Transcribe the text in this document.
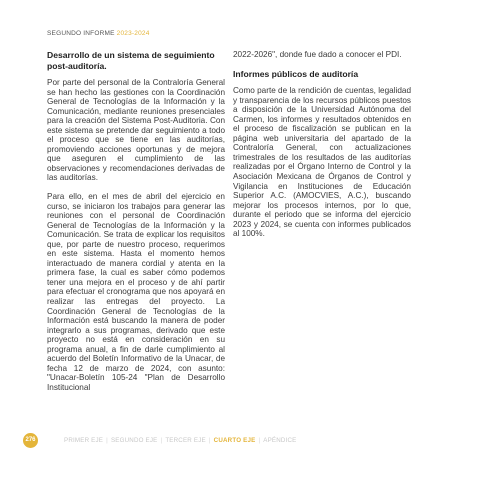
SEGUNDO INFORME 2023-2024
Desarrollo de un sistema de seguimiento post-auditoría.

Por parte del personal de la Contraloría General se han hecho las gestiones con la Coordinación General de Tecnologías de la Información y la Comunicación, mediante reuniones presenciales para la creación del Sistema Post-Auditoria. Con este sistema se pretende dar seguimiento a todo el proceso que se tiene en las auditorías, promoviendo acciones oportunas y de mejora que aseguren el cumplimiento de las observaciones y recomendaciones derivadas de las auditorías.

Para ello, en el mes de abril del ejercicio en curso, se iniciaron los trabajos para generar las reuniones con el personal de Coordinación General de Tecnologías de la Información y la Comunicación. Se trata de explicar los requisitos que, por parte de nuestro proceso, requerimos en este sistema. Hasta el momento hemos interactuado de manera cordial y atenta en la primera fase, la cual es saber cómo podemos tener una mejora en el proceso y de ahí partir para efectuar el cronograma que nos apoyará en realizar las entregas del proyecto. La Coordinación General de Tecnologías de la Información está buscando la manera de poder integrarlo a sus programas, derivado que este proyecto no está en consideración en su programa anual, a fin de darle cumplimiento al acuerdo del Boletín Informativo de la Unacar, de fecha 12 de marzo de 2024, con asunto: "Unacar-Boletín 105-24 "Plan de Desarrollo Institucional

2022-2026", donde fue dado a conocer el PDI.

Informes públicos de auditoría

Como parte de la rendición de cuentas, legalidad y transparencia de los recursos públicos puestos a disposición de la Universidad Autónoma del Carmen, los informes y resultados obtenidos en el proceso de fiscalización se publican en la página web universitaria del apartado de la Contraloría General, con actualizaciones trimestrales de los resultados de las auditorías realizadas por el Órgano Interno de Control y la Asociación Mexicana de Órganos de Control y Vigilancia en Instituciones de Educación Superior A.C. (AMOCVIES, A.C.), buscando mejorar los procesos internos, por lo que, durante el periodo que se informa del ejercicio 2023 y 2024, se cuenta con informes publicados al 100%.

276	PRIMER EJE | SEGUNDO EJE | TERCER EJE | CUARTO EJE | APÉNDICE
